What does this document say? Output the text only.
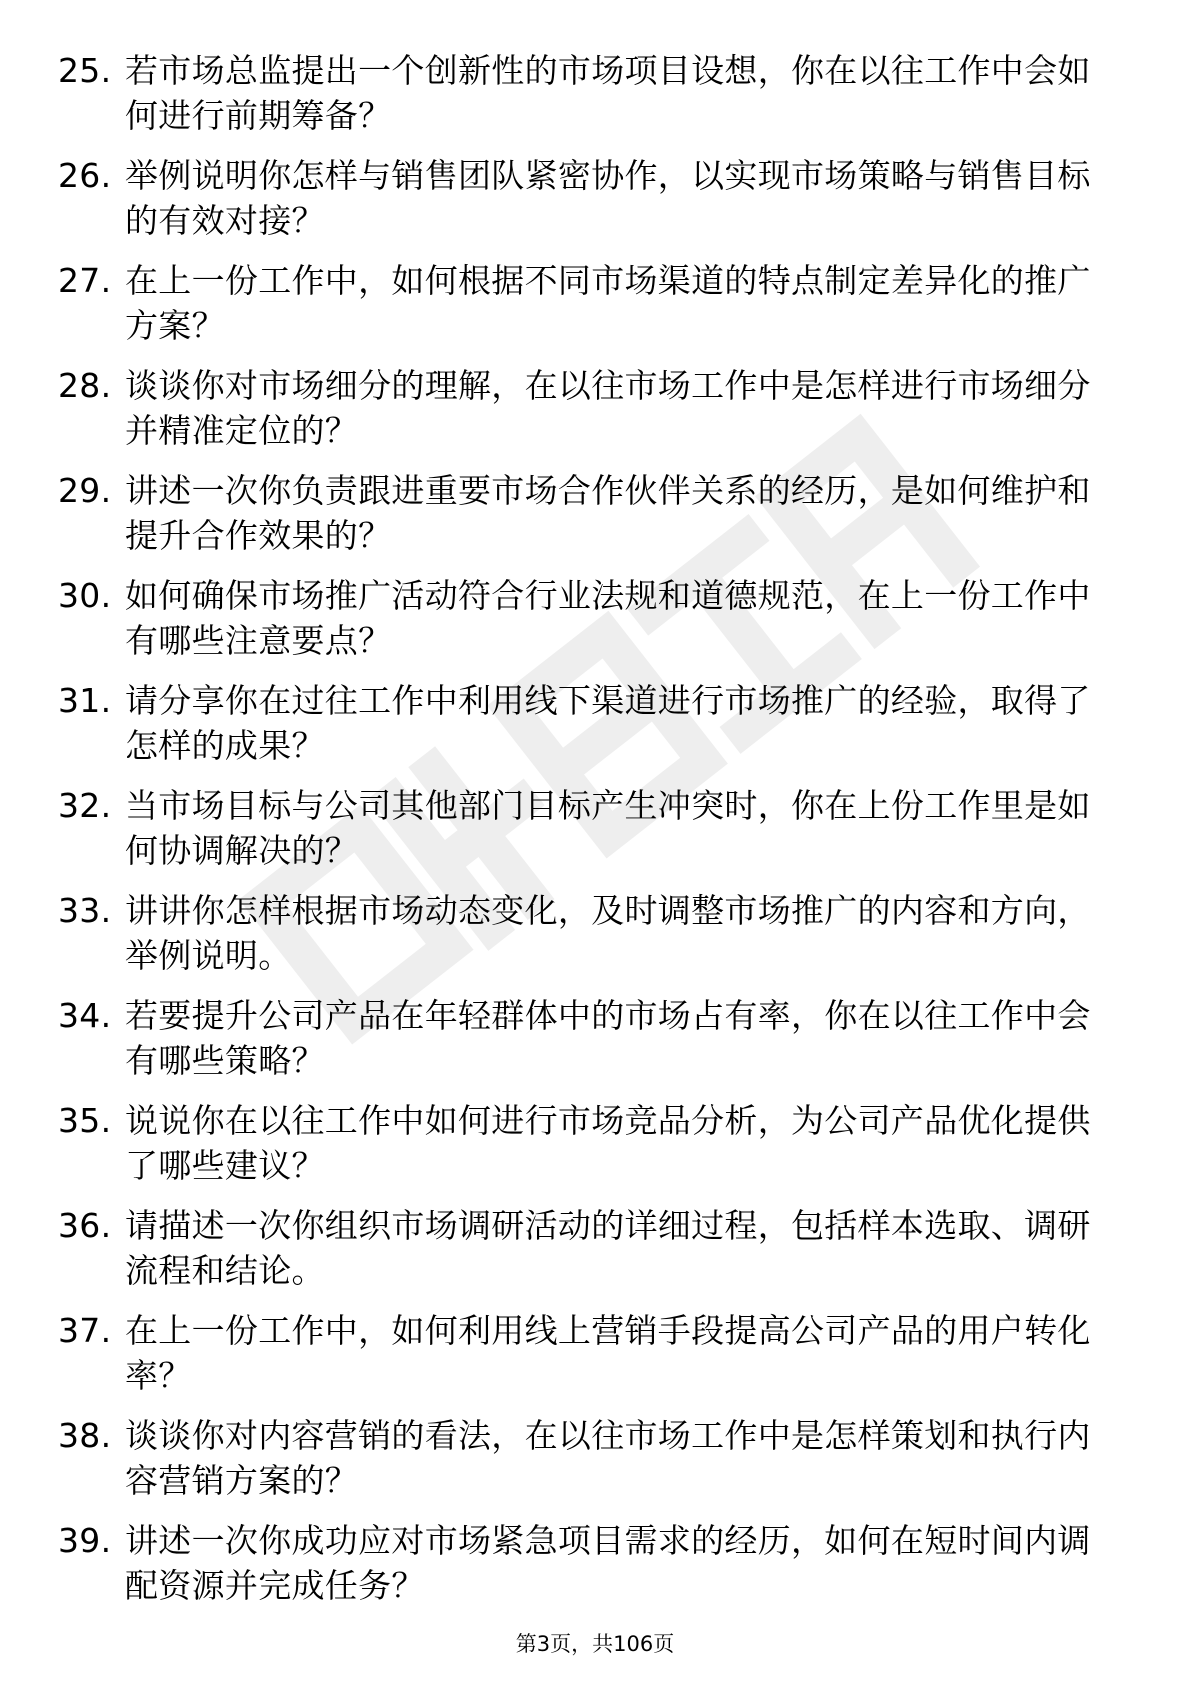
25. 若市场总监提出一个创新性的市场项目设想，你在以往工作中会如何进行前期筹备？
26. 举例说明你怎样与销售团队紧密协作，以实现市场策略与销售目标的有效对接？
27. 在上一份工作中，如何根据不同市场渠道的特点制定差异化的推广方案？
28. 谈谈你对市场细分的理解，在以往市场工作中是怎样进行市场细分并精准定位的？
29. 讲述一次你负责跟进重要市场合作伙伴关系的经历，是如何维护和提升合作效果的？
30. 如何确保市场推广活动符合行业法规和道德规范，在上一份工作中有哪些注意要点？
31. 请分享你在过往工作中利用线下渠道进行市场推广的经验，取得了怎样的成果？
32. 当市场目标与公司其他部门目标产生冲突时，你在上份工作里是如何协调解决的？
33. 讲讲你怎样根据市场动态变化，及时调整市场推广的内容和方向，举例说明。
34. 若要提升公司产品在年轻群体中的市场占有率，你在以往工作中会有哪些策略？
35. 说说你在以往工作中如何进行市场竞品分析，为公司产品优化提供了哪些建议？
36. 请描述一次你组织市场调研活动的详细过程，包括样本选取、调研流程和结论。
37. 在上一份工作中，如何利用线上营销手段提高公司产品的用户转化率？
38. 谈谈你对内容营销的看法，在以往市场工作中是怎样策划和执行内容营销方案的？
39. 讲述一次你成功应对市场紧急项目需求的经历，如何在短时间内调配资源并完成任务？
第3页，共106页
